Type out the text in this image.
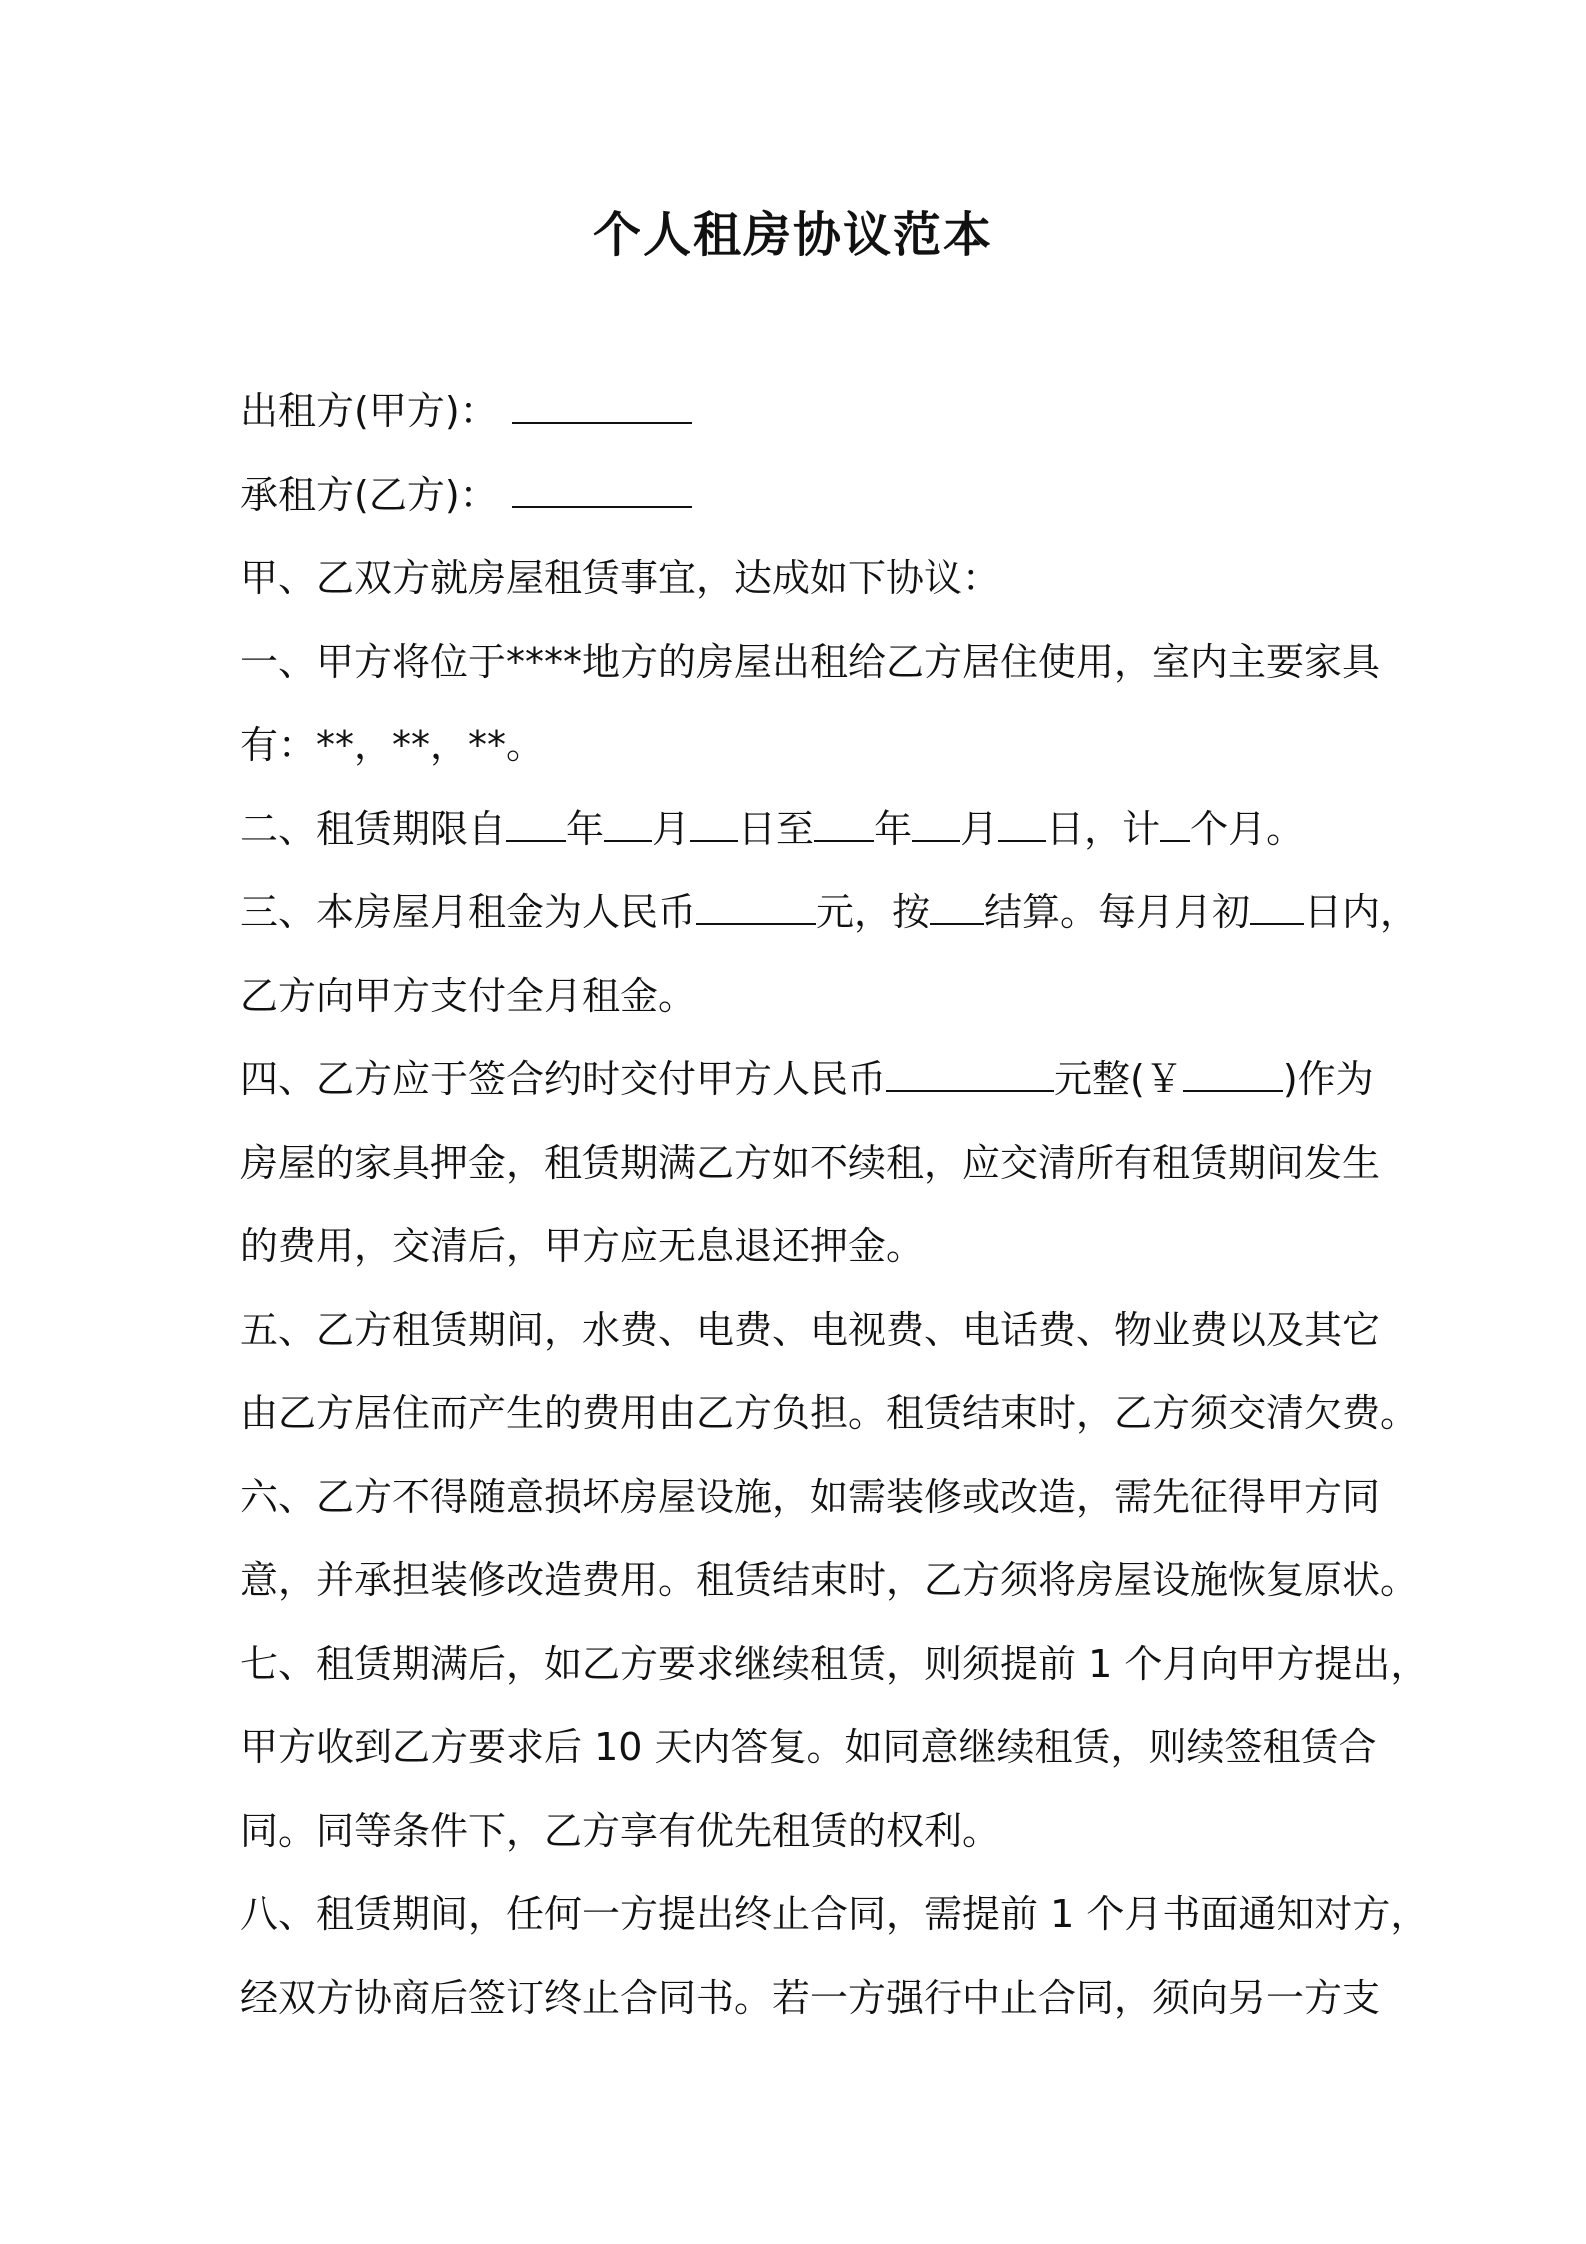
个人租房协议范本
出租方(甲方)：
承租方(乙方)：
甲、乙双方就房屋租赁事宜，达成如下协议：
一、甲方将位于****地方的房屋出租给乙方居住使用，室内主要家具
有：**，**，**。
二、租赁期限自 年 月 日至 年 月 日，计 个月。
三、本房屋月租金为人民币	元，按 结算。每月月初 日内，
乙方向甲方支付全月租金。
四、乙方应于签合约时交付甲方人民币	元整(￥	)作为
房屋的家具押金，租赁期满乙方如不续租，应交清所有租赁期间发生
的费用，交清后，甲方应无息退还押金。
五、乙方租赁期间，水费、电费、电视费、电话费、物业费以及其它
由乙方居住而产生的费用由乙方负担。租赁结束时，乙方须交清欠费。
六、乙方不得随意损坏房屋设施，如需装修或改造，需先征得甲方同
意，并承担装修改造费用。租赁结束时，乙方须将房屋设施恢复原状。
七、租赁期满后，如乙方要求继续租赁，则须提前 1 个月向甲方提出，
甲方收到乙方要求后 10 天内答复。如同意继续租赁，则续签租赁合
同。同等条件下，乙方享有优先租赁的权利。
八、租赁期间，任何一方提出终止合同，需提前 1 个月书面通知对方，
经双方协商后签订终止合同书。若一方强行中止合同，须向另一方支
